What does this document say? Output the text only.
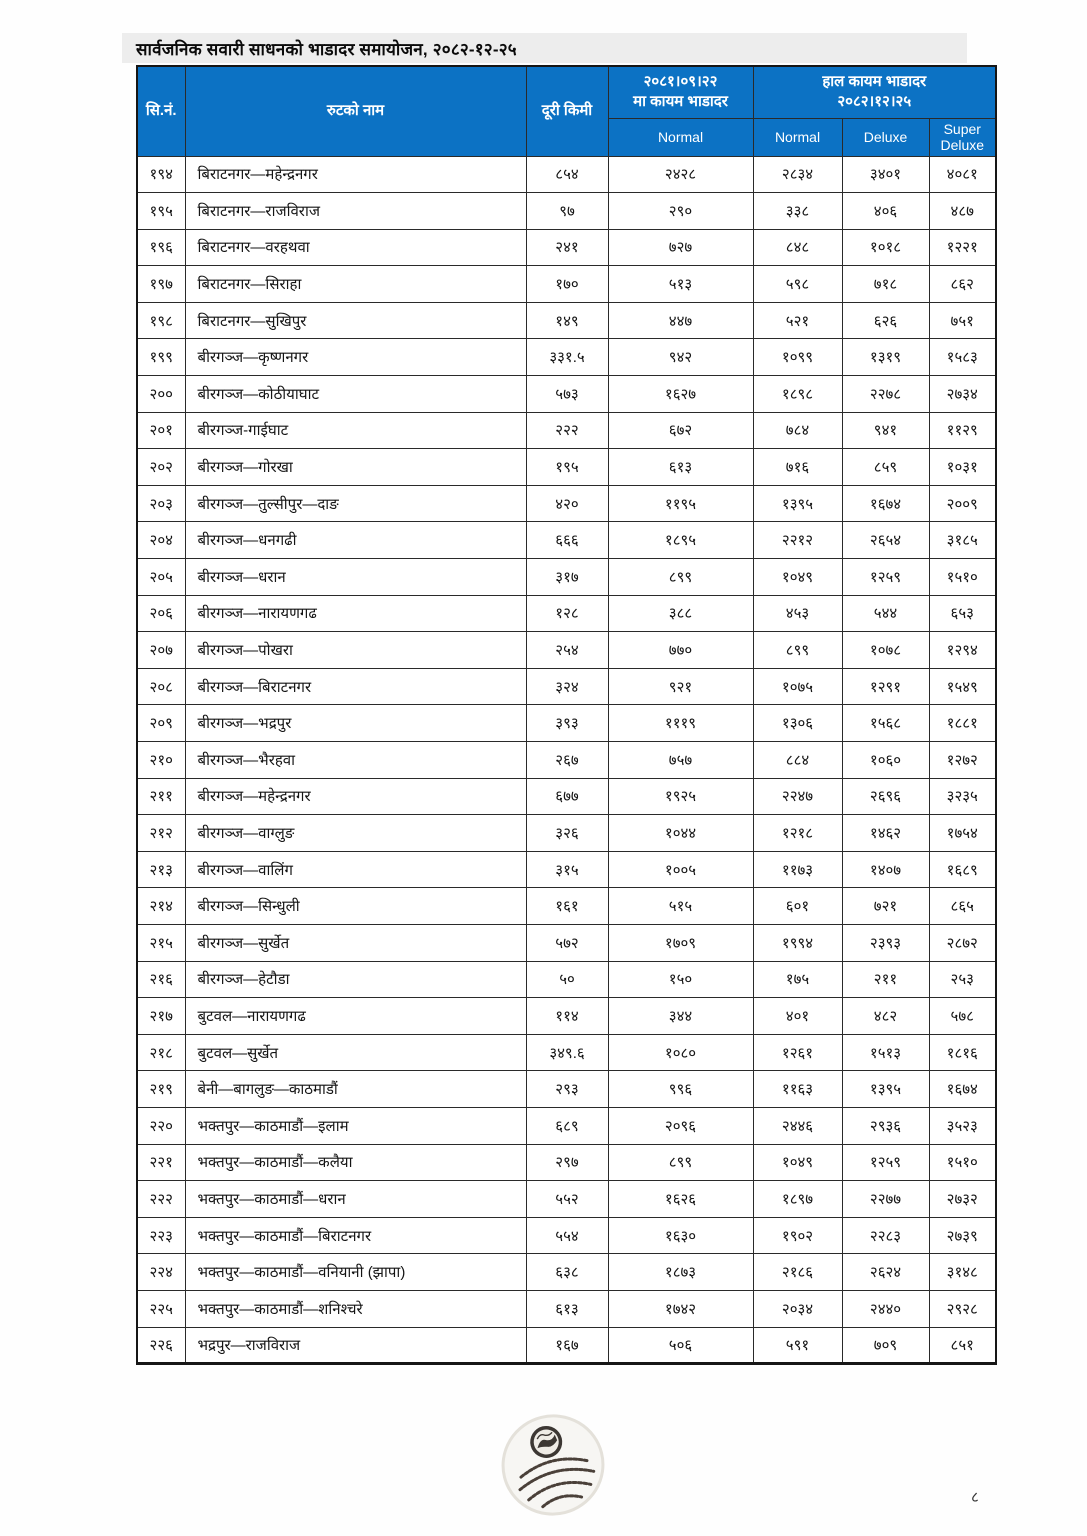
सार्वजनिक सवारी साधनको भाडादर समायोजन, २०८२-१२-२५
सि.नं.	रुटको नाम	दूरी किमी	२०८१।०९।२२
मा कायम भाडादर	हाल कायम भाडादर
२०८२।१२।२५		
			Normal	Normal	Deluxe	Super Deluxe
१९४	बिराटनगर—महेन्द्रनगर	८५४	२४२८	२८३४	३४०१	४०८१
१९५	बिराटनगर—राजविराज	९७	२९०	३३८	४०६	४८७
१९६	बिराटनगर—वरहथवा	२४१	७२७	८४८	१०१८	१२२१
१९७	बिराटनगर—सिराहा	१७०	५१३	५९८	७१८	८६२
१९८	बिराटनगर—सुखिपुर	१४९	४४७	५२१	६२६	७५१
१९९	बीरगञ्ज—कृष्णनगर	३३१.५	९४२	१०९९	१३१९	१५८३
२००	बीरगञ्ज—कोठीयाघाट	५७३	१६२७	१८९८	२२७८	२७३४
२०१	बीरगञ्ज-गाईघाट	२२२	६७२	७८४	९४१	११२९
२०२	बीरगञ्ज—गोरखा	१९५	६१३	७१६	८५९	१०३१
२०३	बीरगञ्ज—तुल्सीपुर—दाङ	४२०	११९५	१३९५	१६७४	२००९
२०४	बीरगञ्ज—धनगढी	६६६	१८९५	२२१२	२६५४	३१८५
२०५	बीरगञ्ज—धरान	३१७	८९९	१०४९	१२५९	१५१०
२०६	बीरगञ्ज—नारायणगढ	१२८	३८८	४५३	५४४	६५३
२०७	बीरगञ्ज—पोखरा	२५४	७७०	८९९	१०७८	१२९४
२०८	बीरगञ्ज—बिराटनगर	३२४	९२१	१०७५	१२९१	१५४९
२०९	बीरगञ्ज—भद्रपुर	३९३	१११९	१३०६	१५६८	१८८१
२१०	बीरगञ्ज—भैरहवा	२६७	७५७	८८४	१०६०	१२७२
२११	बीरगञ्ज—महेन्द्रनगर	६७७	१९२५	२२४७	२६९६	३२३५
२१२	बीरगञ्ज—वाग्लुङ	३२६	१०४४	१२१८	१४६२	१७५४
२१३	बीरगञ्ज—वालिंग	३१५	१००५	११७३	१४०७	१६८९
२१४	बीरगञ्ज—सिन्धुली	१६१	५१५	६०१	७२१	८६५
२१५	बीरगञ्ज—सुर्खेत	५७२	१७०९	१९९४	२३९३	२८७२
२१६	बीरगञ्ज—हेटौडा	५०	१५०	१७५	२११	२५३
२१७	बुटवल—नारायणगढ	११४	३४४	४०१	४८२	५७८
२१८	बुटवल—सुर्खेत	३४९.६	१०८०	१२६१	१५१३	१८१६
२१९	बेनी—बागलुङ—काठमाडौं	२९३	९९६	११६३	१३९५	१६७४
२२०	भक्तपुर—काठमाडौं—इलाम	६८९	२०९६	२४४६	२९३६	३५२३
२२१	भक्तपुर—काठमाडौं—कलैया	२९७	८९९	१०४९	१२५९	१५१०
२२२	भक्तपुर—काठमाडौं—धरान	५५२	१६२६	१८९७	२२७७	२७३२
२२३	भक्तपुर—काठमाडौं—बिराटनगर	५५४	१६३०	१९०२	२२८३	२७३९
२२४	भक्तपुर—काठमाडौं—वनियानी (झापा)	६३८	१८७३	२१८६	२६२४	३१४८
२२५	भक्तपुर—काठमाडौं—शनिश्चरे	६१३	१७४२	२०३४	२४४०	२९२८
२२६	भद्रपुर—राजविराज	१६७	५०६	५९१	७०९	८५१
८
